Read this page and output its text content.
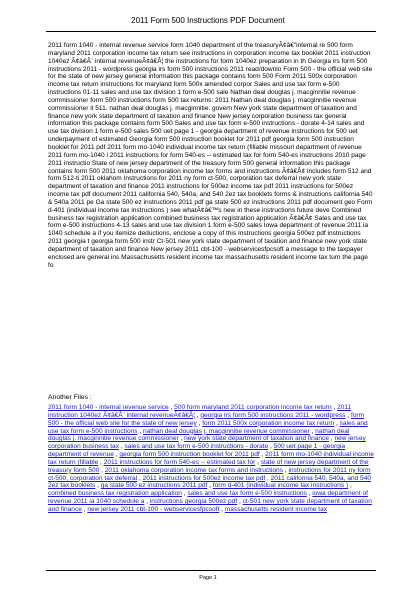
2011 Form 500 Instructions PDF Document

2011 form 1040 - internal revenue service form 1040 department of the treasuryÃ¢â€”internal re 500 form maryland 2011 corporation income tax return see instructions in corporation income tax booklet 2011 instruction 1040ez Ã¢â€Â¨ internal revenueÃ¢â€Â¦ the instructions for form 1040ez preparation in th Georgia irs form 500 instructions 2011 - wordpress georgia irs form 500 instructions 2011 read/downlo Form 500 - the official web site for the state of new jersey general information this package contains form 500 Form 2011 500x corporation income tax return instructions for maryland form 500x amended corpor Sales and use tax form e-500 instructions 01-11 sales and use tax division 1 form e-500 sale Nathan deal douglas j. macginnitie revenue commissioner form 500 instructions form 500 tax returns: 2011 Nathan deal douglas j. macginnitie revenue commissioner it 511. nathan deal douglas j. macginnitie. govern New york state department of taxation and finance new york state department of taxation and finance New jersey corporation business tax general information this package contains form 500 Sales and use tax form e-500 instructions - dorate 4-14 sales and use tax division 1 form e-500 sales 500 uet page 1 - georgia department of revenue instructions for 500 uet underpayment of estimated Georgia form 500 instruction booklet for 2011 pdf georgia form 500 instruction booklet for 2011 pdf 2011 form mo-1040 individual income tax return (fillable missouri department of revenue 2011 form mo-1040 i 2011 instructions for form 540-es -- estimated tax for form 540-es instructions 2010 page 2011 instructio State of new jersey department of the treasury form 500 general information this package contains form 500 2011 oklahoma corporation income tax forms and instructions Ã¢â€Â¢ includes form 512 and form 512-ti 2011 oklahom Instructions for 2011 ny form ct-500, corporation tax deferral new york state department of taxation and finance 2011 instructions for 500ez income tax pdf 2011 instructions for 500ez income tax pdf document 2011 california 540, 540a, and 540 2ez tax booklets forms & instructions california 540 & 540a 2011 pe Ga state 500 ez instructions 2011 pdf ga state 500 ez instructions 2011 pdf document geo Form d-401 (individual income tax instructions ) see whatÃ¢â€™s new in these instructions future deve Combined business tax registration application combined business tax registration application Ã¢â€Â¢ Sales and use tax form e-500 instructions 4-13 sales and use tax division 1 form e-500 sales Iowa department of revenue 2011 ia 1040 schedule a if you itemize deductions, enclose a copy of this Instructions georgia 500ez pdf instructions 2011 georgia t georgia form 500 instr Ct-501 new york state department of taxation and finance new york state department of taxation and finance New jersey 2011 cbt-100 - webservicesfpcsoft a message to the taxpayer enclosed are general ins Massachusetts resident income tax massachusetts resident income tax turn the page fo

Another Files :
2011 form 1040 - internal revenue service , 500 form maryland 2011 corporation income tax return , 2011 instruction 1040ez Ã¢â€Â¨ internal revenueÃ¢â€Â¦ , georgia irs form 500 instructions 2011 - wordpress , form 500 - the official web site for the state of new jersey , form 2011 500x corporation income tax return , sales and use tax form e-500 instructions , nathan deal douglas j. macginnitie revenue commissioner , nathan deal douglas j. macginnitie revenue commissioner , new york state department of taxation and finance , new jersey corporation business tax , sales and use tax form e-500 instructions - dorate , 500 uet page 1 - georgia department of revenue , georgia form 500 instruction booklet for 2011 pdf , 2011 form mo-1040 individual income tax return (fillable , 2011 instructions for form 540-es -- estimated tax for , state of new jersey department of the treasury form 500 , 2011 oklahoma corporation income tax forms and instructions , instructions for 2011 ny form ct-500, corporation tax deferral , 2011 instructions for 500ez income tax pdf , 2011 california 540, 540a, and 540 2ez tax booklets , ga state 500 ez instructions 2011 pdf , form d-401 (individual income tax instructions ) , combined business tax registration application , sales and use tax form e-500 instructions , iowa department of revenue 2011 ia 1040 schedule a , instructions georgia 500ez pdf , ct-501 new york state department of taxation and finance , new jersey 2011 cbt-100 - webservicesfpcsoft , massachusetts resident income tax
Page 1
